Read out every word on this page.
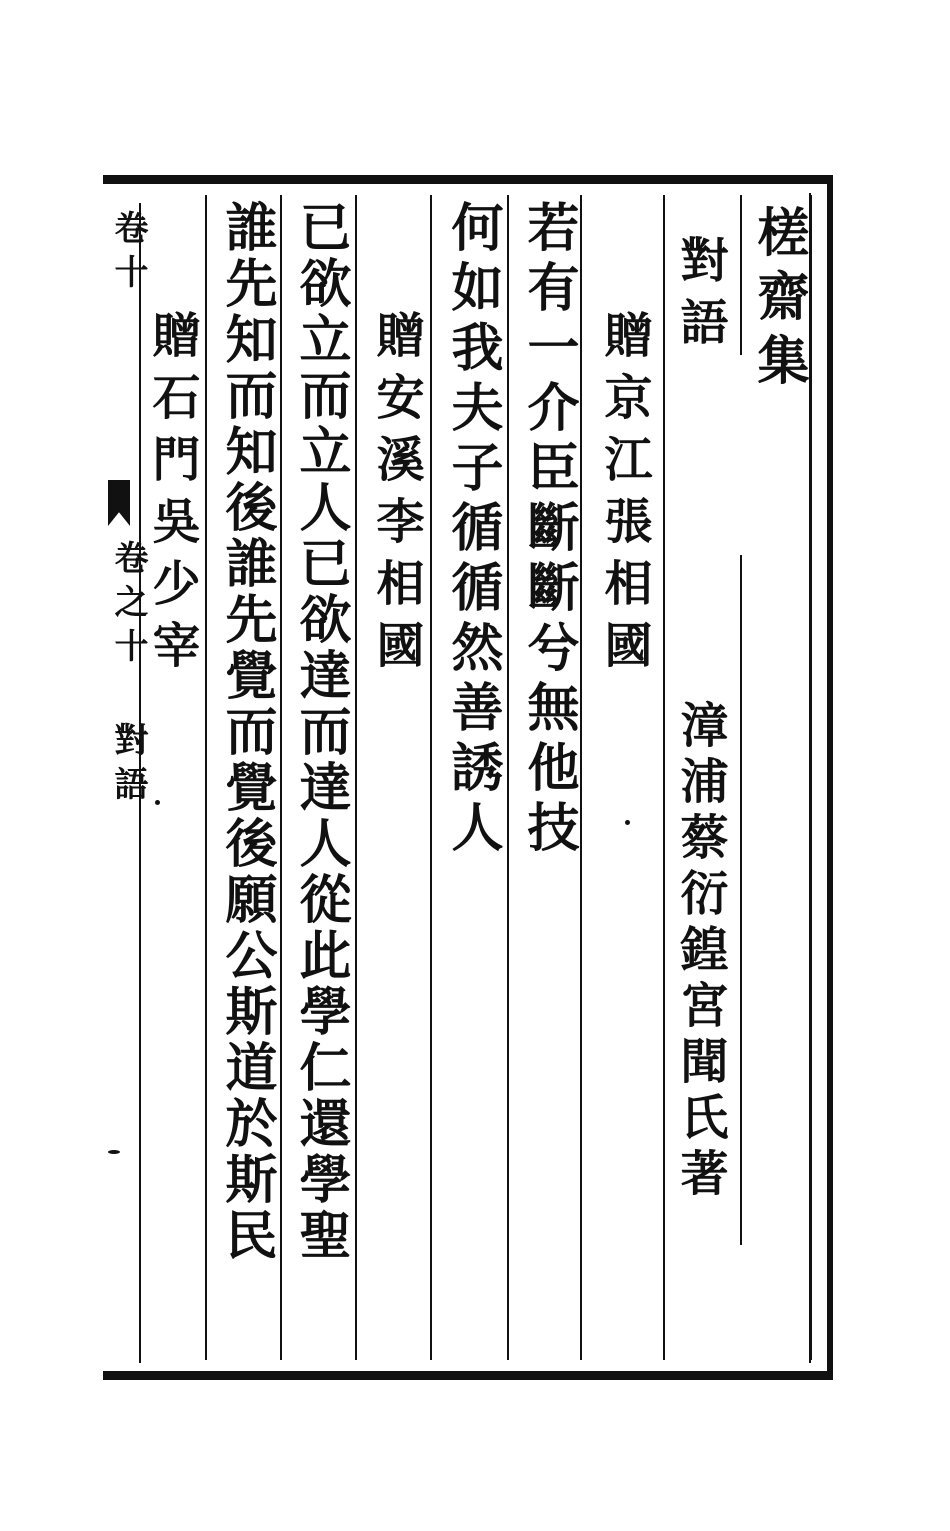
槎齋集
對語
漳浦蔡衍鍠宮聞氏著
贈京江張相國
若有一介臣斷斷兮無他技
何如我夫子循循然善誘人
贈安溪李相國
已欲立而立人已欲達而達人從此學仁還學聖
誰先知而知後誰先覺而覺後願公斯道於斯民
贈石門吳少宰
卷十
卷之十 對語
